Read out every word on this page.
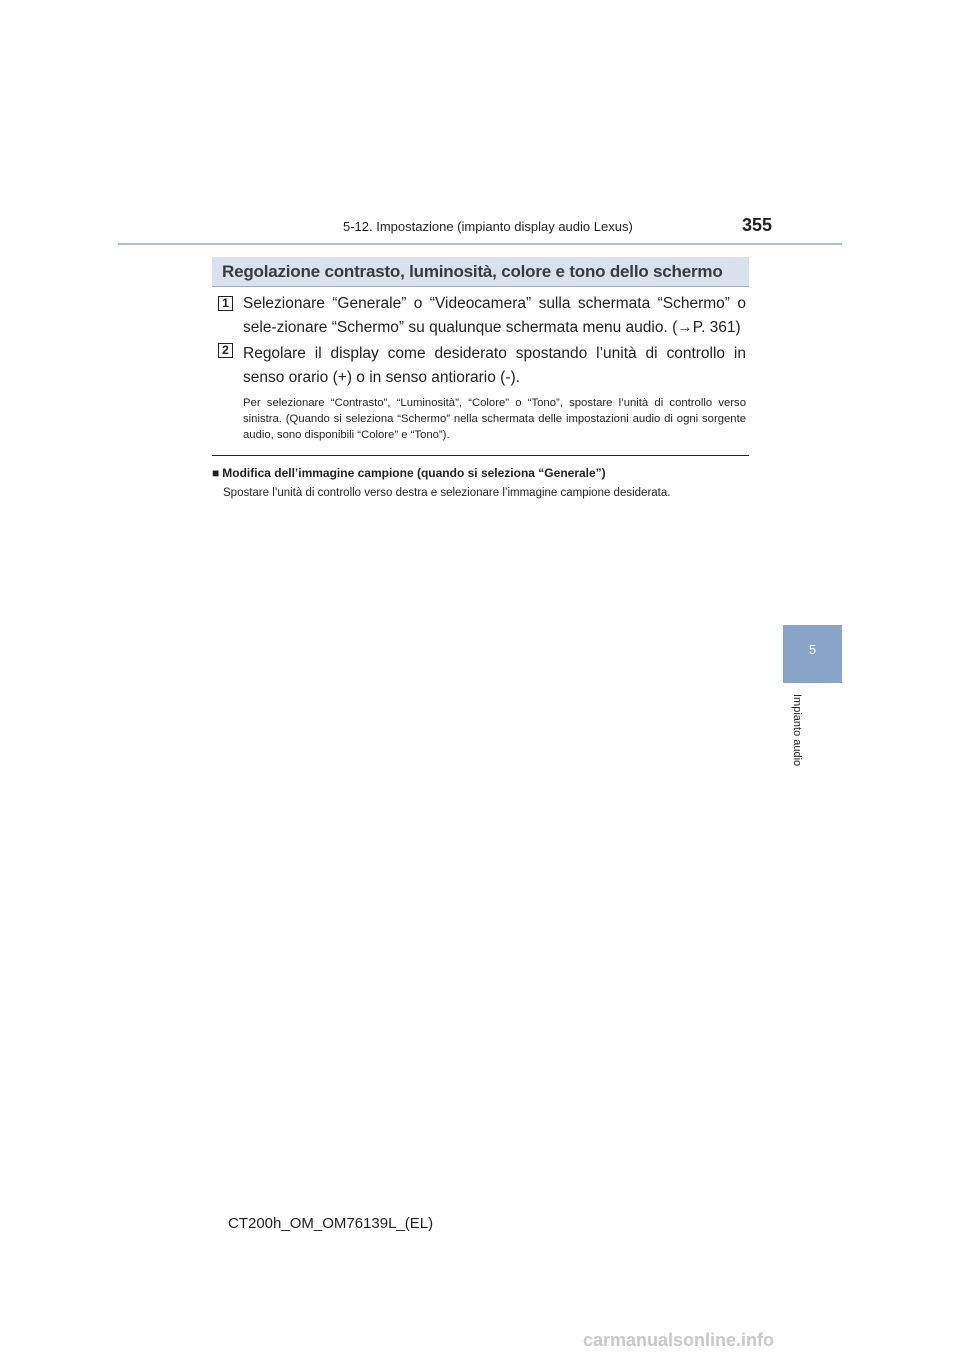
5-12. Impostazione (impianto display audio Lexus)	355
5
Impianto audio
Regolazione contrasto, luminosità, colore e tono dello schermo
1 Selezionare “Generale” o “Videocamera” sulla schermata “Schermo” o sele-zionare “Schermo” su qualunque schermata menu audio. (→P. 361)
2 Regolare il display come desiderato spostando l’unità di controllo in senso orario (+) o in senso antiorario (-).
Per selezionare “Contrasto”, “Luminosità”, “Colore” o “Tono”, spostare l’unità di controllo verso sinistra. (Quando si seleziona “Schermo” nella schermata delle impostazioni audio di ogni sorgente audio, sono disponibili “Colore” e “Tono”).
■ Modifica dell’immagine campione (quando si seleziona “Generale”)
Spostare l’unità di controllo verso destra e selezionare l’immagine campione desiderata.
CT200h_OM_OM76139L_(EL)
carmanualsonline.info
